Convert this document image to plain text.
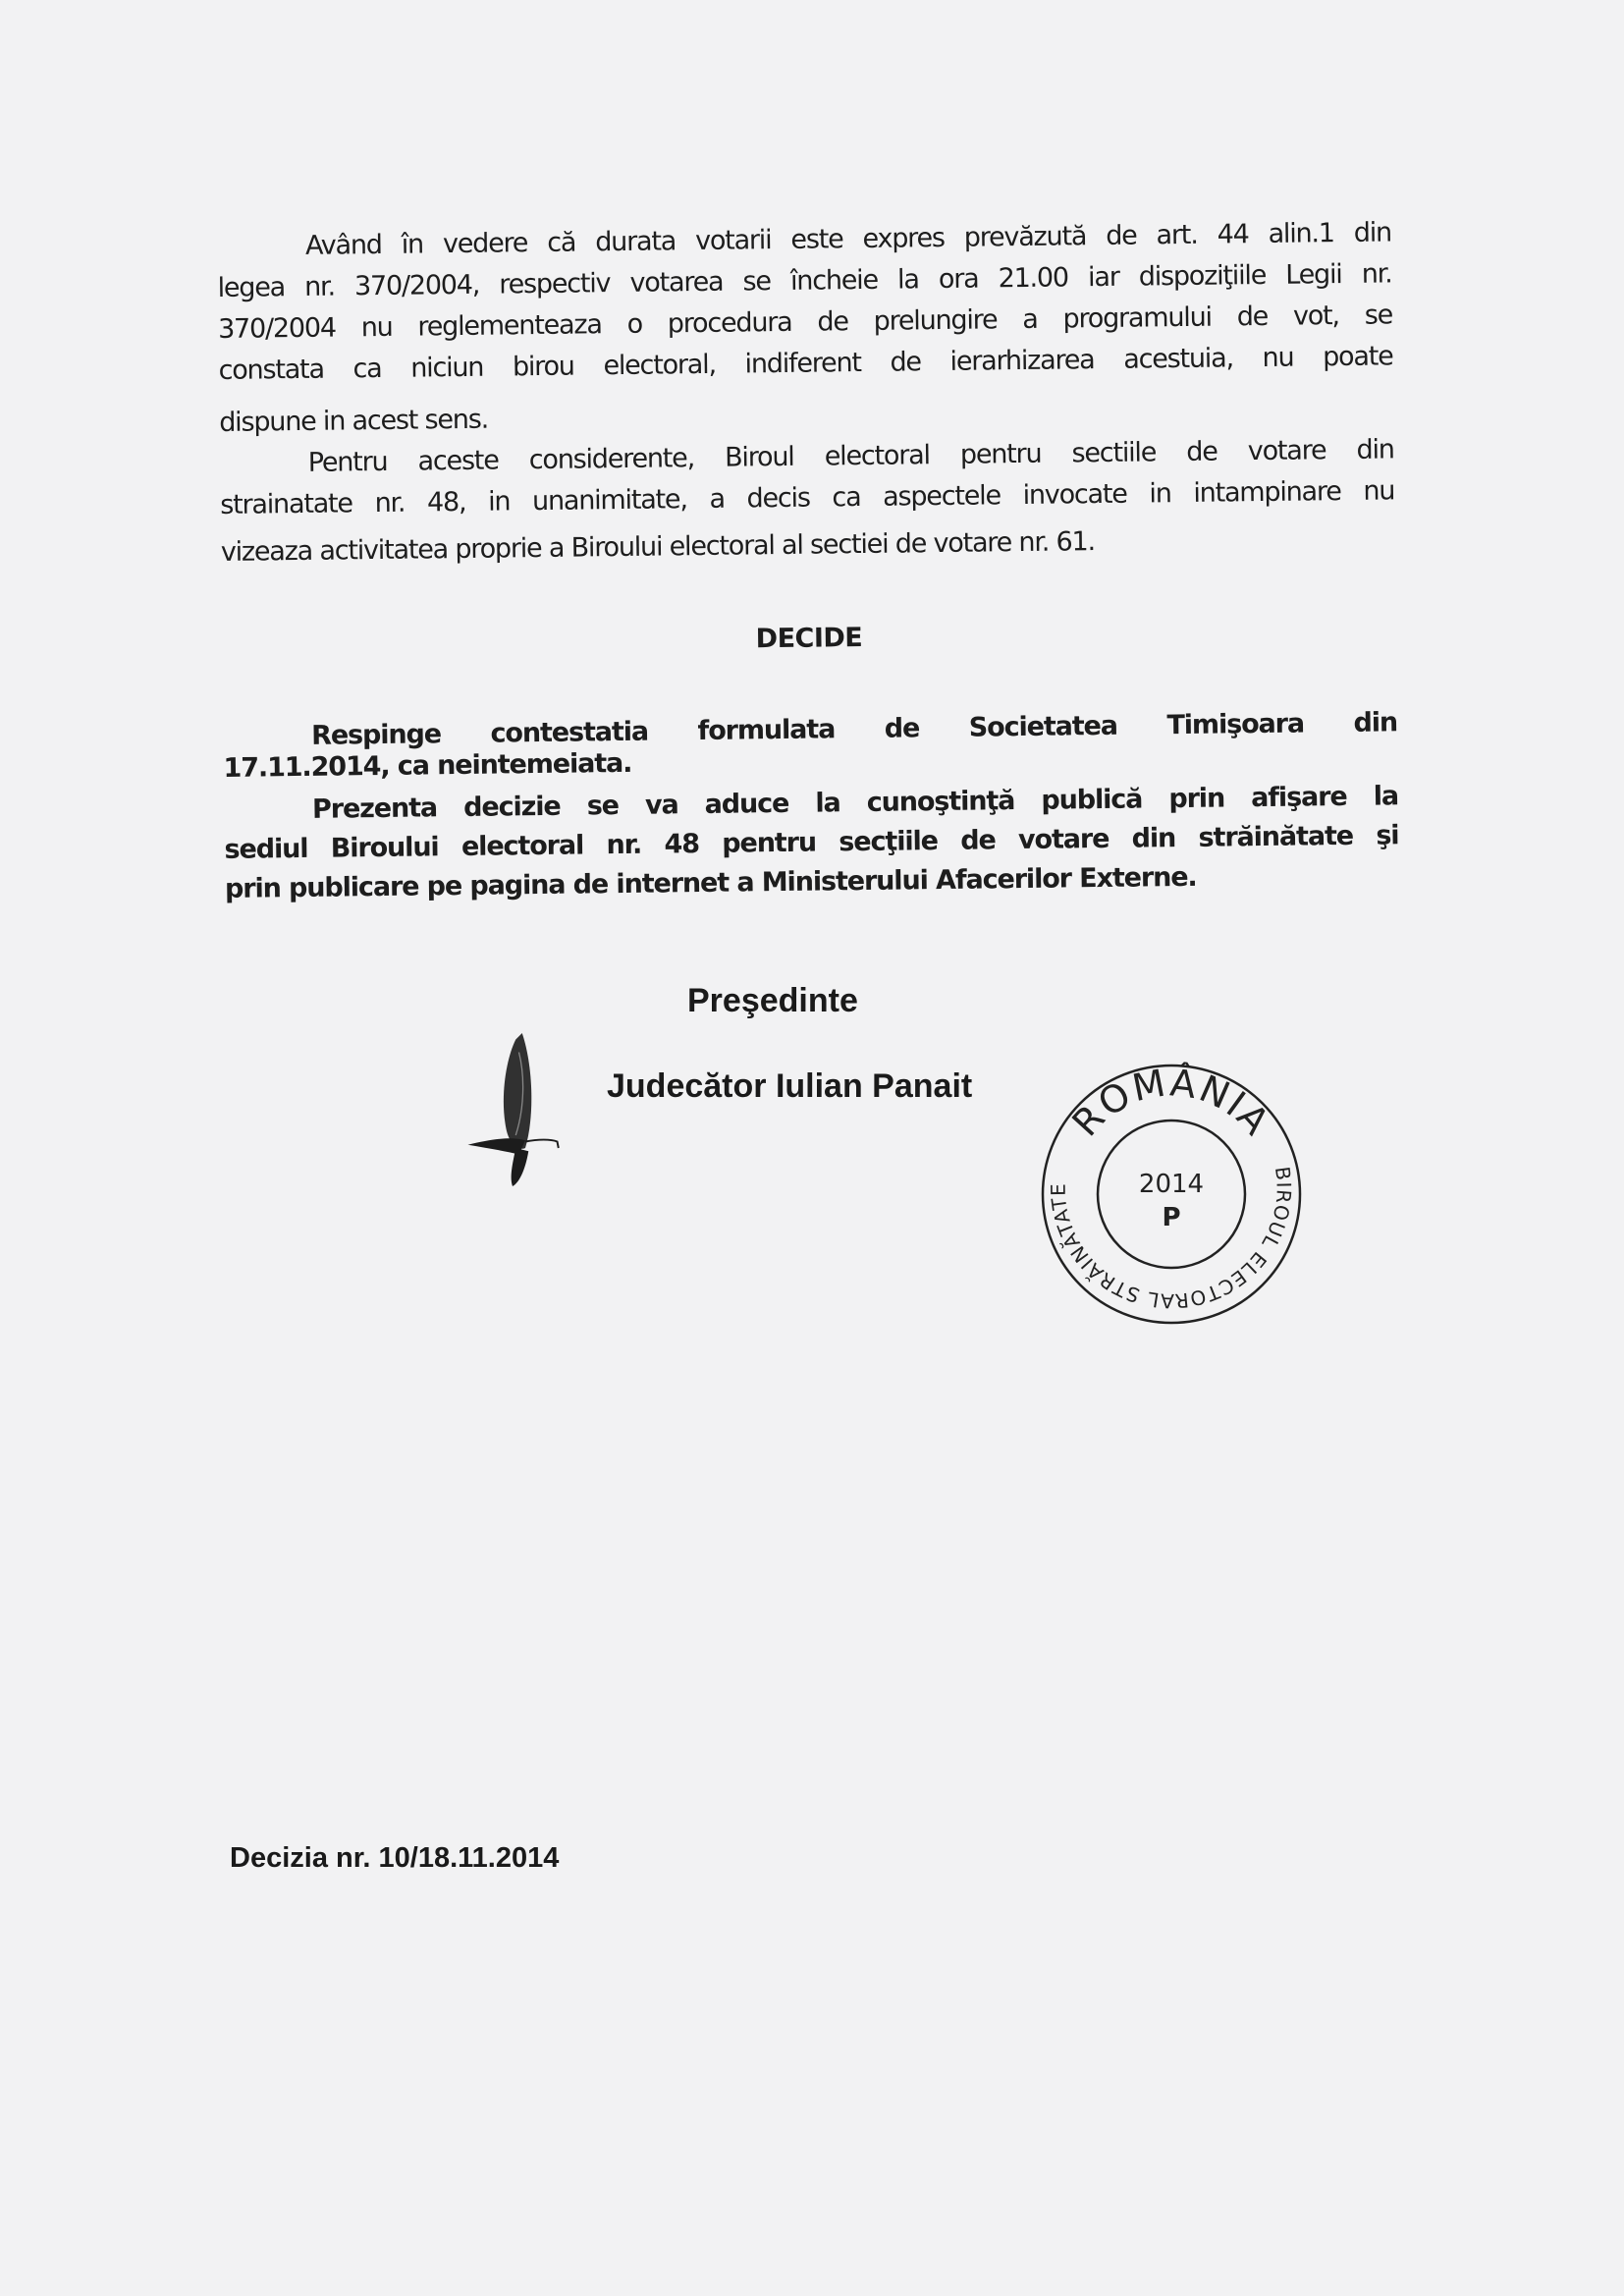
Având în vedere că durata votarii este expres prevăzută de art. 44 alin.1 din
legea nr. 370/2004, respectiv votarea se încheie la ora 21.00 iar dispoziţiile Legii nr.
370/2004 nu reglementeaza o procedura de prelungire a programului de vot, se
constata ca niciun birou electoral, indiferent de ierarhizarea acestuia, nu poate
dispune in acest sens.
Pentru aceste considerente, Biroul electoral pentru sectiile de votare din
strainatate nr. 48, in unanimitate, a decis ca aspectele invocate in intampinare nu
vizeaza activitatea proprie a Biroului electoral al sectiei de votare nr. 61.
DECIDE
Respinge contestatia formulata de Societatea Timişoara din
17.11.2014, ca neintemeiata.
Prezenta decizie se va aduce la cunoştinţă publică prin afişare la
sediul Biroului electoral nr. 48 pentru secţiile de votare din străinătate şi
prin publicare pe pagina de internet a Ministerului Afacerilor Externe.
Preşedinte
Judecător Iulian Panait
ROMÂNIA
BIROUL ELECTORAL STRĂINĂTATE	2014
P
Decizia nr. 10/18.11.2014
